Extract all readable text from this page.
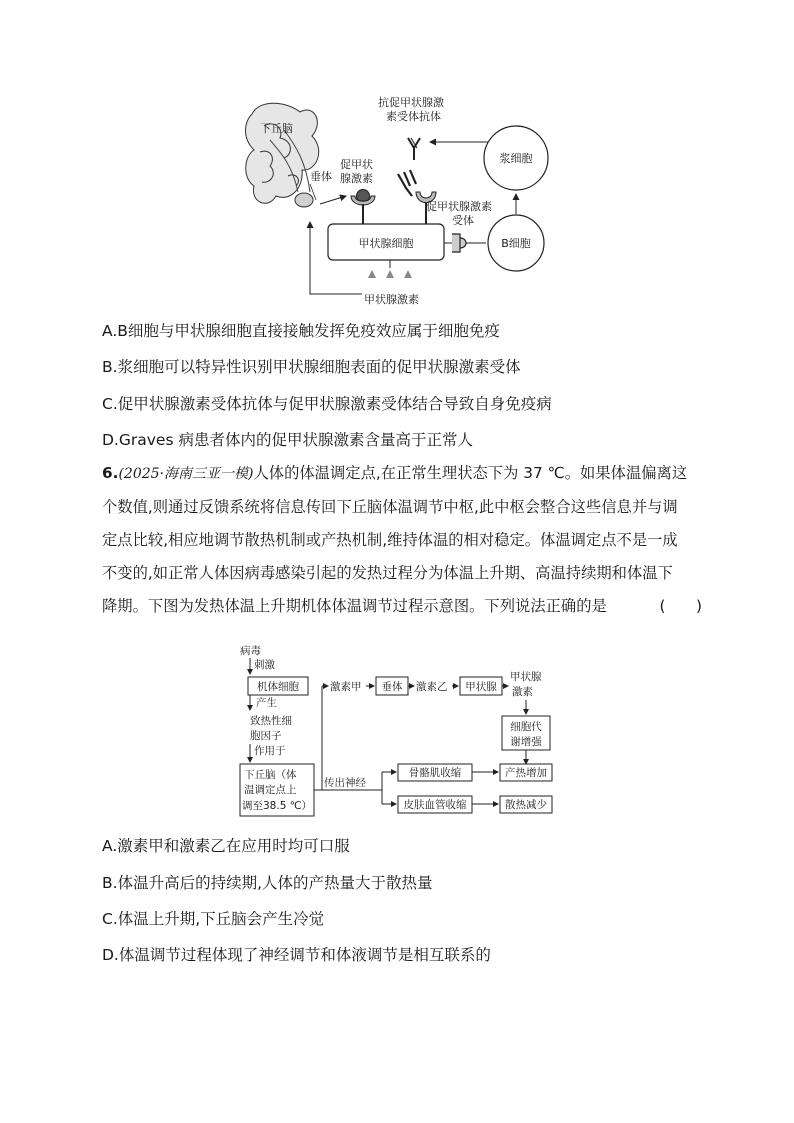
下丘脑
垂体
促甲状
腺激素
抗促甲状腺激
素受体抗体
浆细胞
促甲状腺激素
受体
甲状腺细胞	B细胞
甲状腺激素
A.B细胞与甲状腺细胞直接接触发挥免疫效应属于细胞免疫
B.浆细胞可以特异性识别甲状腺细胞表面的促甲状腺激素受体
C.促甲状腺激素受体抗体与促甲状腺激素受体结合导致自身免疫病
D.Graves 病患者体内的促甲状腺激素含量高于正常人
6.(2025·海南三亚一模)人体的体温调定点,在正常生理状态下为 37 ℃。如果体温偏离这
个数值,则通过反馈系统将信息传回下丘脑体温调节中枢,此中枢会整合这些信息并与调
定点比较,相应地调节散热机制或产热机制,维持体温的相对稳定。体温调定点不是一成
不变的,如正常人体因病毒感染引起的发热过程分为体温上升期、高温持续期和体温下
降期。下图为发热体温上升期机体体温调节过程示意图。下列说法正确的是	(　　)
病毒
刺激
机体细胞
产生
致热性细
胞因子
作用于
下丘脑（体
温调定点上
调至38.5 ℃）
激素甲 垂体 激素乙 甲状腺
甲状腺
激素
细胞代
谢增强
传出神经
骨骼肌收缩
皮肤血管收缩
产热增加
散热减少
A.激素甲和激素乙在应用时均可口服
B.体温升高后的持续期,人体的产热量大于散热量
C.体温上升期,下丘脑会产生冷觉
D.体温调节过程体现了神经调节和体液调节是相互联系的
